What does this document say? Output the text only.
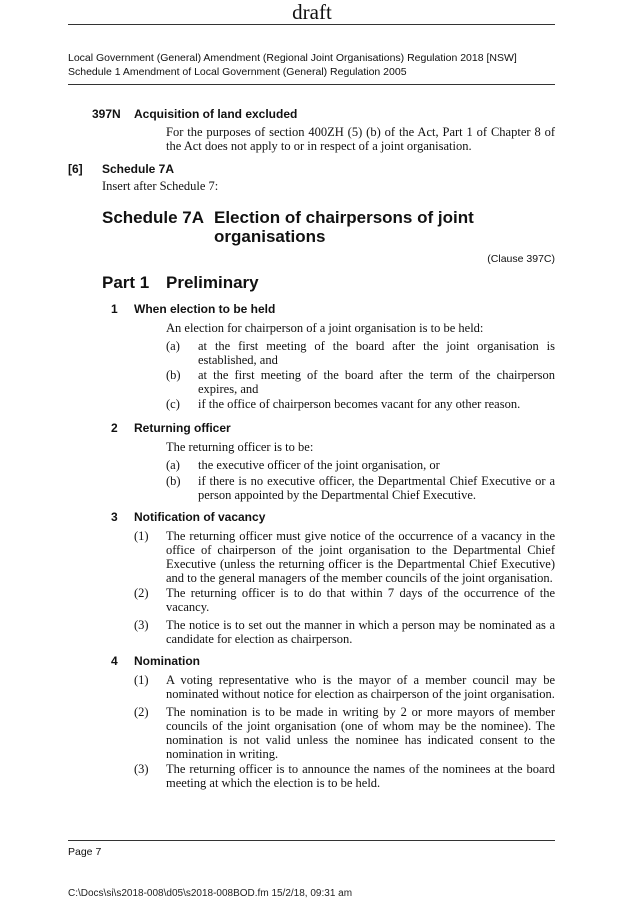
draft
Local Government (General) Amendment (Regional Joint Organisations) Regulation 2018 [NSW]
Schedule 1 Amendment of Local Government (General) Regulation 2005
397N Acquisition of land excluded
For the purposes of section 400ZH (5) (b) of the Act, Part 1 of Chapter 8 of the Act does not apply to or in respect of a joint organisation.
[6] Schedule 7A
Insert after Schedule 7:
Schedule 7A Election of chairpersons of joint organisations
(Clause 397C)
Part 1 Preliminary
1 When election to be held
An election for chairperson of a joint organisation is to be held:
(a) at the first meeting of the board after the joint organisation is established, and
(b) at the first meeting of the board after the term of the chairperson expires, and
(c) if the office of chairperson becomes vacant for any other reason.
2 Returning officer
The returning officer is to be:
(a) the executive officer of the joint organisation, or
(b) if there is no executive officer, the Departmental Chief Executive or a person appointed by the Departmental Chief Executive.
3 Notification of vacancy
(1) The returning officer must give notice of the occurrence of a vacancy in the office of chairperson of the joint organisation to the Departmental Chief Executive (unless the returning officer is the Departmental Chief Executive) and to the general managers of the member councils of the joint organisation.
(2) The returning officer is to do that within 7 days of the occurrence of the vacancy.
(3) The notice is to set out the manner in which a person may be nominated as a candidate for election as chairperson.
4 Nomination
(1) A voting representative who is the mayor of a member council may be nominated without notice for election as chairperson of the joint organisation.
(2) The nomination is to be made in writing by 2 or more mayors of member councils of the joint organisation (one of whom may be the nominee). The nomination is not valid unless the nominee has indicated consent to the nomination in writing.
(3) The returning officer is to announce the names of the nominees at the board meeting at which the election is to be held.
Page 7
C:\Docs\si\s2018-008\d05\s2018-008BOD.fm 15/2/18, 09:31 am
